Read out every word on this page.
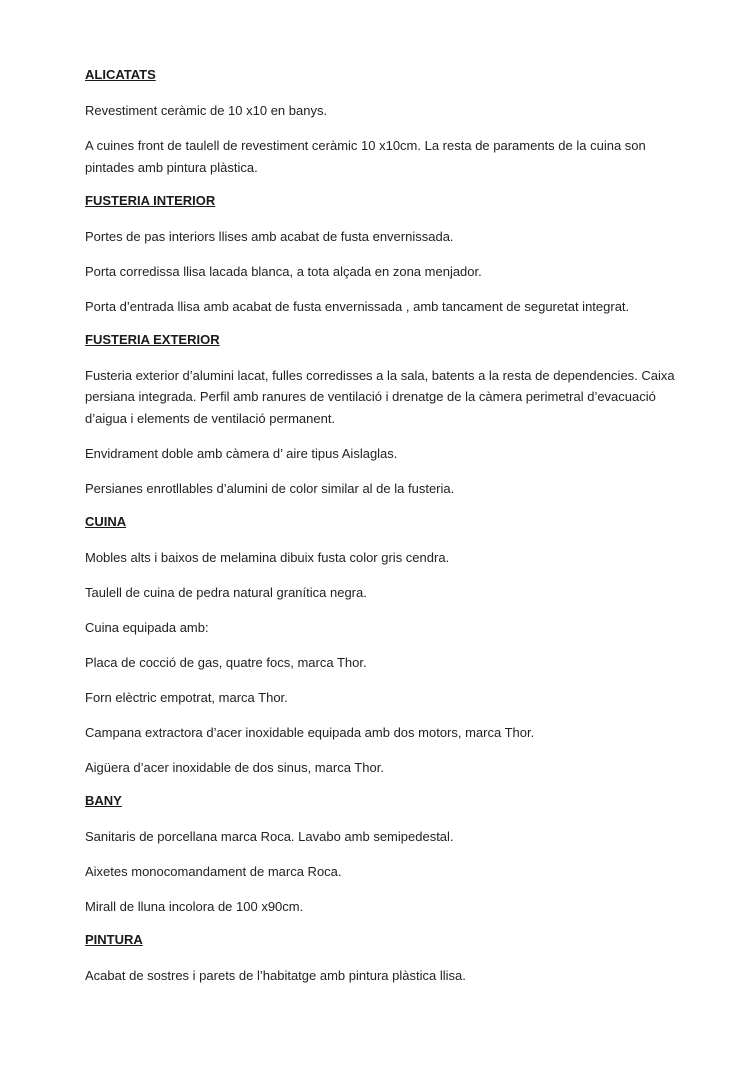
ALICATATS

Revestiment ceràmic de 10 x10 en banys.

A cuines front de taulell de revestiment ceràmic 10 x10cm. La resta de paraments de la cuina son pintades amb pintura plàstica.

FUSTERIA INTERIOR

Portes de pas interiors llises amb acabat de fusta envernissada.

Porta corredissa llisa lacada blanca, a tota alçada en zona menjador.

Porta d’entrada llisa amb acabat de fusta envernissada , amb tancament de seguretat integrat.

FUSTERIA EXTERIOR

Fusteria exterior d’alumini lacat, fulles corredisses a la sala, batents a la resta de dependencies. Caixa persiana integrada. Perfil amb ranures de ventilació i drenatge de la càmera perimetral d’evacuació d’aigua i elements de ventilació permanent.

Envidrament doble amb càmera d’ aire tipus Aislaglas.

Persianes enrotllables d’alumini de color similar al de la fusteria.

CUINA

Mobles alts i baixos de melamina dibuix fusta color gris cendra.

Taulell de cuina de pedra natural granítica negra.

Cuina equipada amb:

Placa de cocció de gas, quatre focs, marca Thor.

Forn elèctric empotrat, marca Thor.

Campana extractora d’acer inoxidable equipada amb dos motors, marca Thor.

Aigüera d’acer inoxidable de dos sinus, marca Thor.

BANY

Sanitaris de porcellana marca Roca. Lavabo amb semipedestal.

Aixetes monocomandament de marca Roca.

Mirall de lluna incolora de 100 x90cm.

PINTURA

Acabat de sostres i parets de l’habitatge amb pintura plàstica llisa.
